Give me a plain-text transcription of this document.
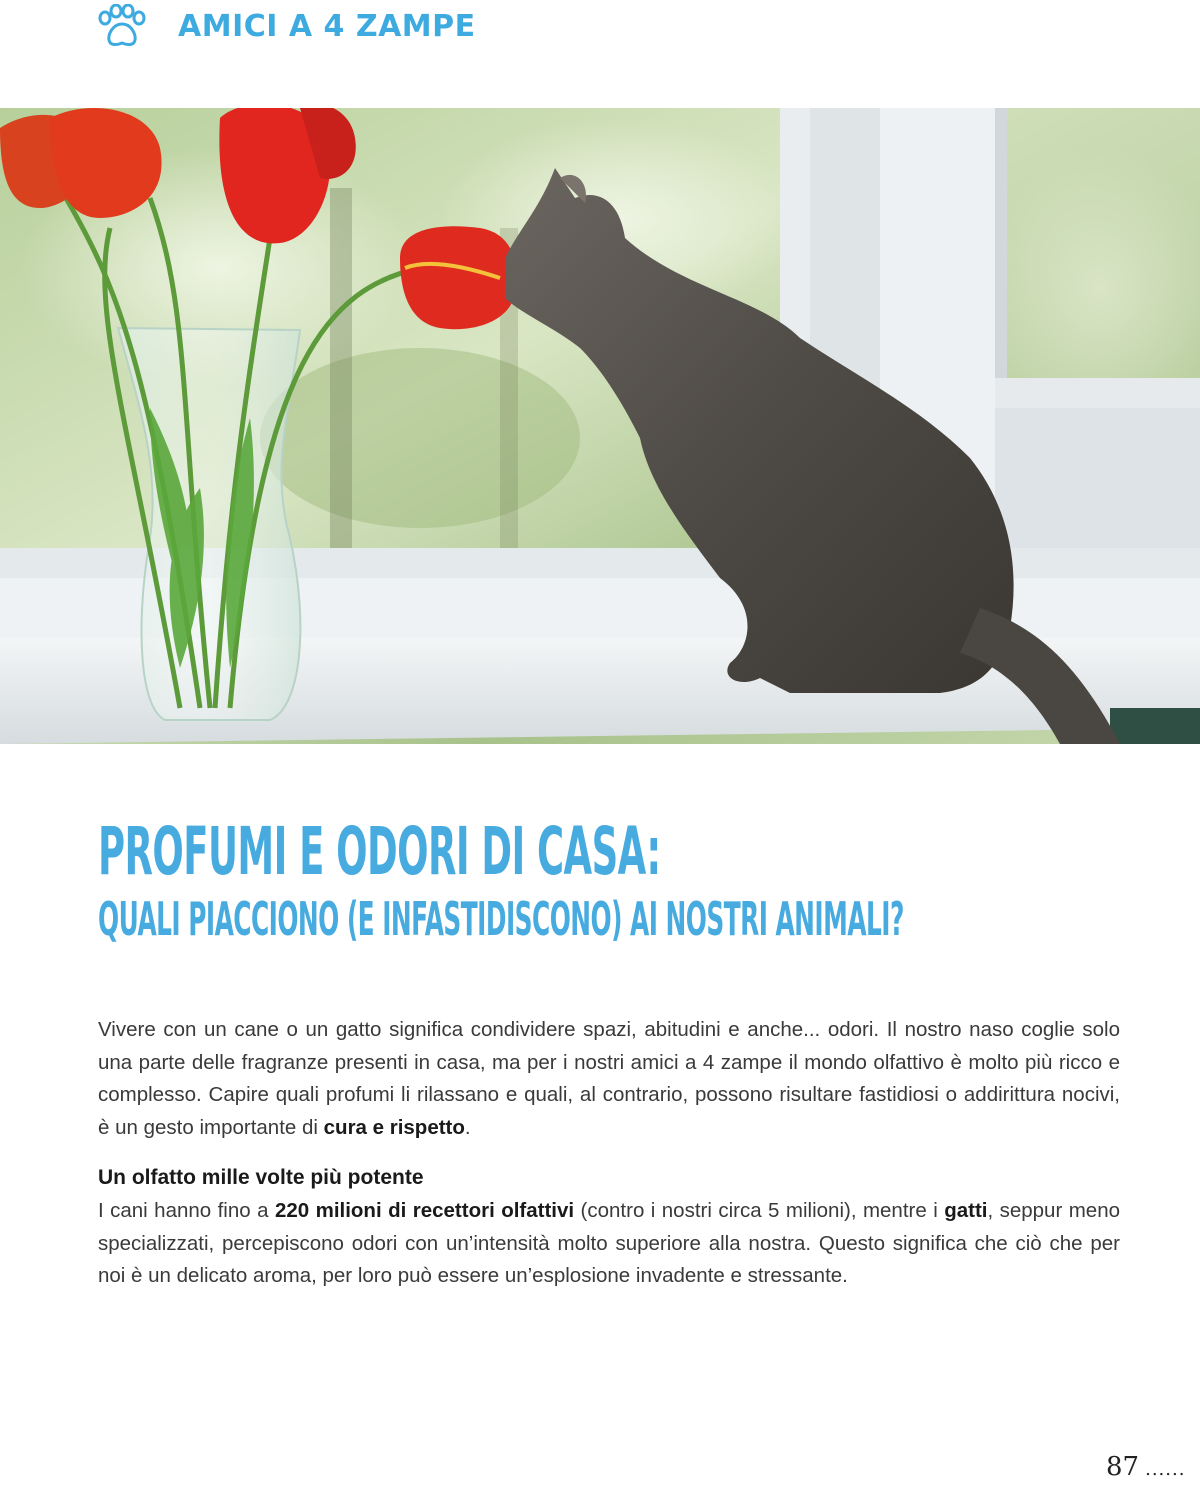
AMICI A 4 ZAMPE
PROFUMI E ODORI DI CASA:
QUALI PIACCIONO (E INFASTIDISCONO) AI NOSTRI ANIMALI?

Vivere con un cane o un gatto significa condividere spazi, abitudini e anche... odori. Il nostro naso coglie solo una parte delle fragranze presenti in casa, ma per i nostri amici a 4 zampe il mondo olfattivo è molto più ricco e complesso. Capire quali profumi li rilassano e quali, al contrario, possono risultare fastidiosi o addirittura nocivi, è un gesto importante di cura e rispetto.

Un olfatto mille volte più potente

I cani hanno fino a 220 milioni di recettori olfattivi (contro i nostri circa 5 milioni), mentre i gatti, seppur meno specializzati, percepiscono odori con un’intensità molto superiore alla nostra. Questo significa che ciò che per noi è un delicato aroma, per loro può essere un’esplosione invadente e stressante.

87 ......
